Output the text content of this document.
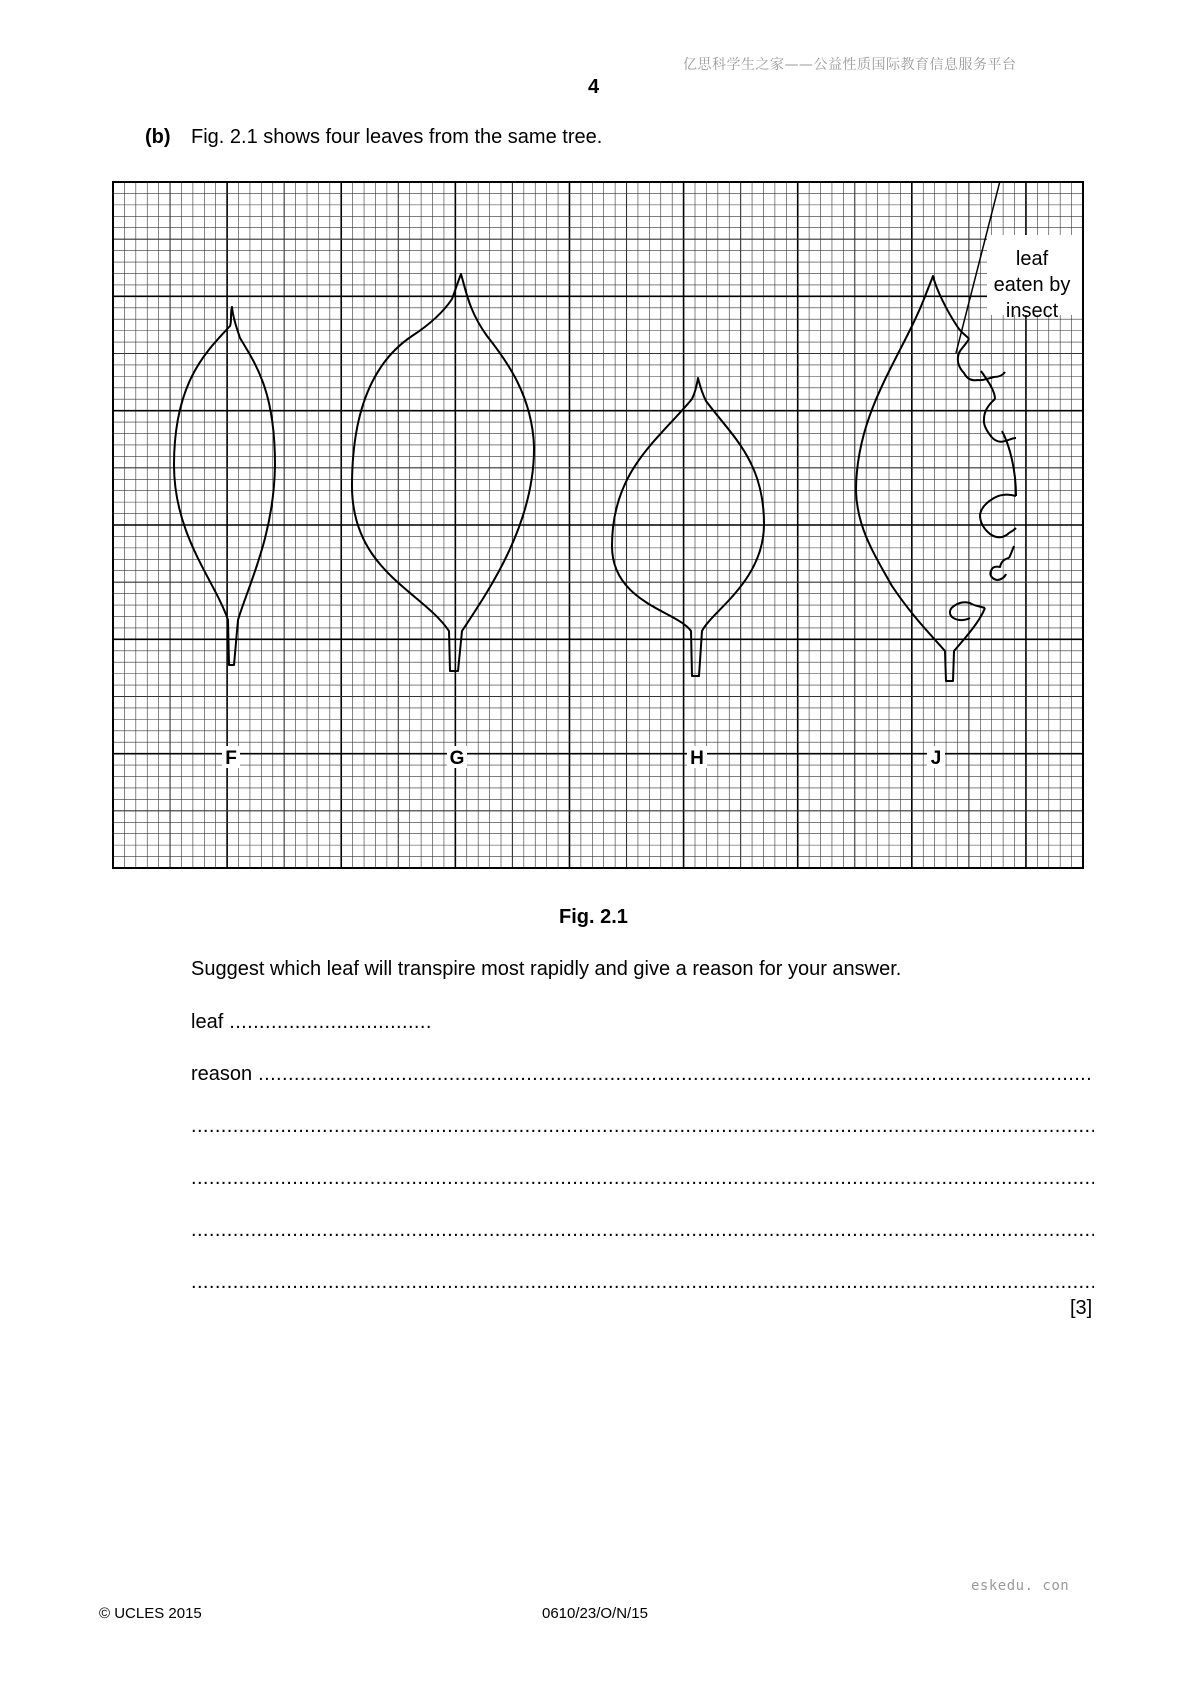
亿思科学生之家——公益性质国际教育信息服务平台
4
(b) Fig. 2.1 shows four leaves from the same tree.
leaf
eaten by
insect
F	G	H	J
Fig. 2.1
Suggest which leaf will transpire most rapidly and give a reason for your answer.
leaf
.....
reason
.....
.....
.....
.....
.....
[3]
eskedu. con
© UCLES 2015	0610/23/O/N/15
